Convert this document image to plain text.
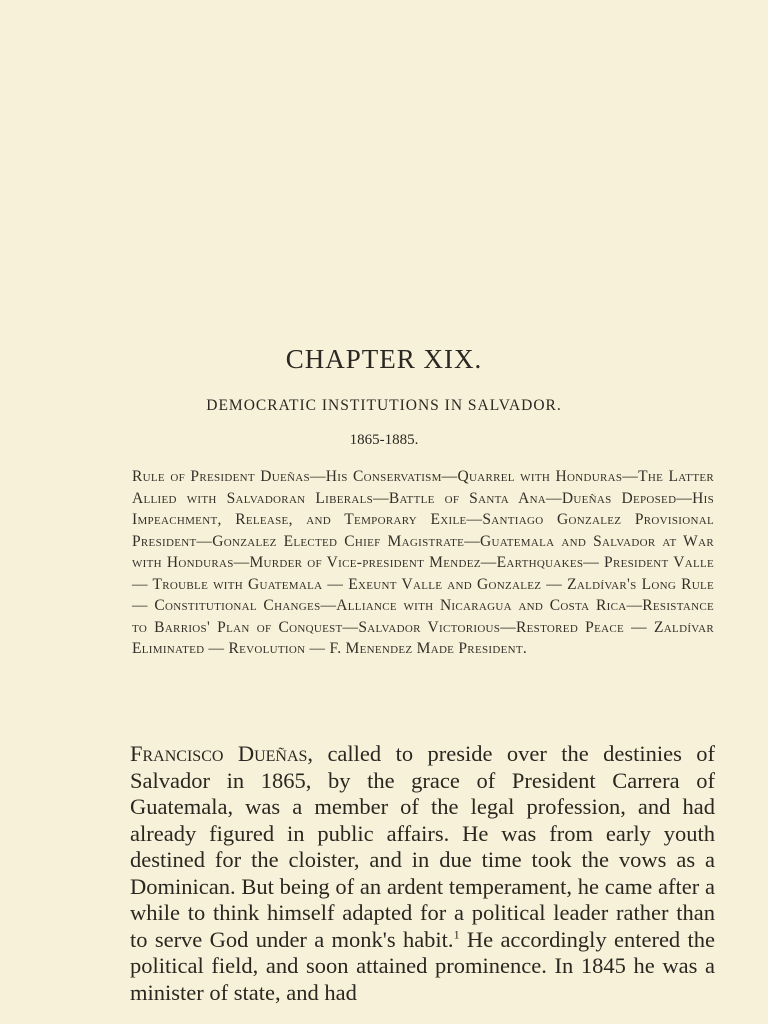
CHAPTER XIX.
DEMOCRATIC INSTITUTIONS IN SALVADOR.
1865-1885.
Rule of President Dueñas—His Conservatism—Quarrel with Honduras—The Latter Allied with Salvadoran Liberals—Battle of Santa Ana—Dueñas Deposed—His Impeachment, Release, and Temporary Exile—Santiago Gonzalez Provisional President—Gonzalez Elected Chief Magistrate—Guatemala and Salvador at War with Honduras—Murder of Vice-president Mendez—Earthquakes— President Valle — Trouble with Guatemala — Exeunt Valle and Gonzalez — Zaldívar's Long Rule — Constitutional Changes—Alliance with Nicaragua and Costa Rica—Resistance to Barrios' Plan of Conquest—Salvador Victorious—Restored Peace — Zaldívar Eliminated — Revolution — F. Menendez Made President.
Francisco Dueñas, called to preside over the destinies of Salvador in 1865, by the grace of President Carrera of Guatemala, was a member of the legal profession, and had already figured in public affairs. He was from early youth destined for the cloister, and in due time took the vows as a Dominican. But being of an ardent temperament, he came after a while to think himself adapted for a political leader rather than to serve God under a monk's habit.$^1$ He accordingly entered the political field, and soon attained prominence. In 1845 he was a minister of state, and had
